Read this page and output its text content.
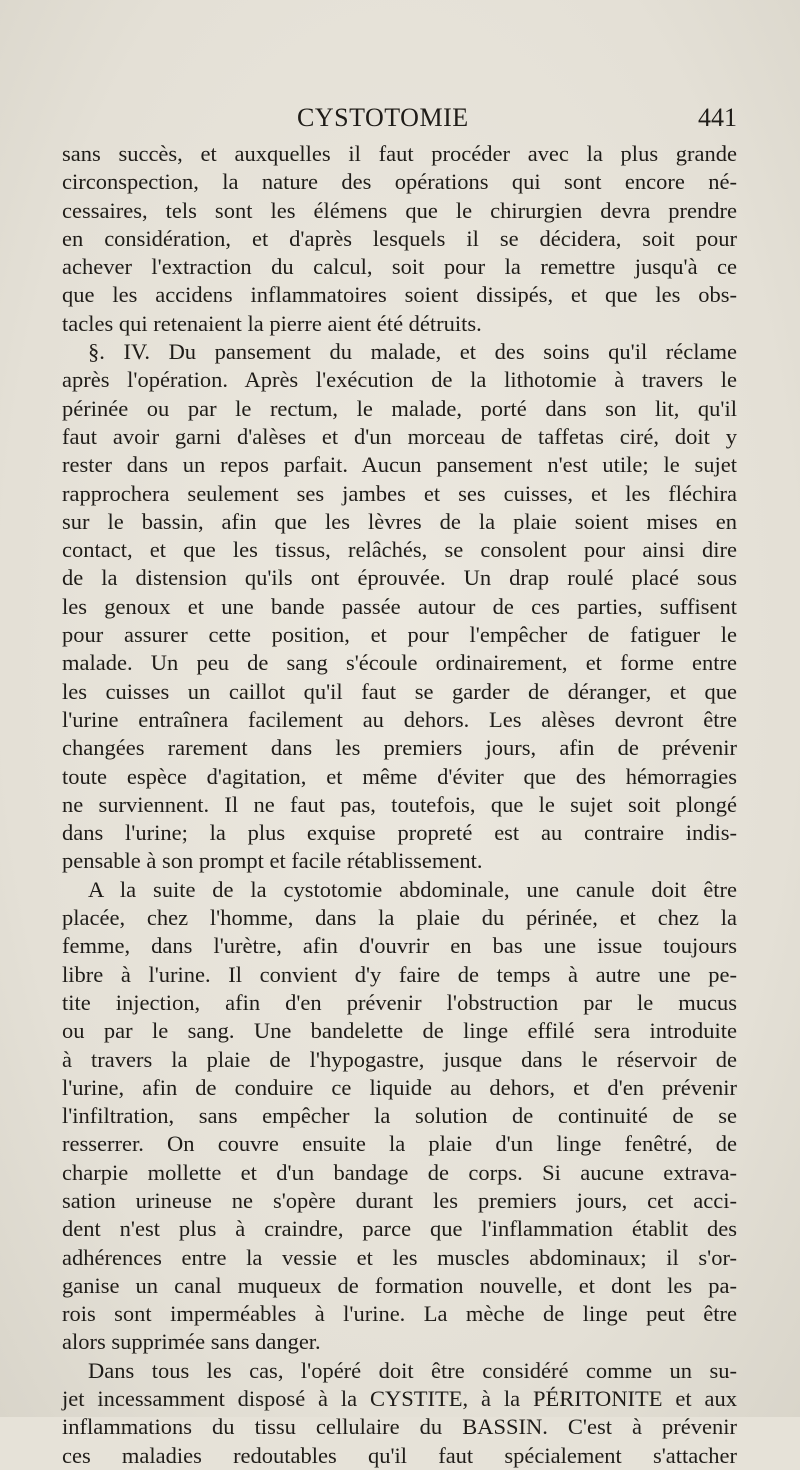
CYSTOTOMIE	441
sans succès, et auxquelles il faut procéder avec la plus grande
circonspection, la nature des opérations qui sont encore né-
cessaires, tels sont les élémens que le chirurgien devra prendre
en considération, et d'après lesquels il se décidera, soit pour
achever l'extraction du calcul, soit pour la remettre jusqu'à ce
que les accidens inflammatoires soient dissipés, et que les obs-
tacles qui retenaient la pierre aient été détruits.
§. IV. Du pansement du malade, et des soins qu'il réclame
après l'opération. Après l'exécution de la lithotomie à travers le
périnée ou par le rectum, le malade, porté dans son lit, qu'il
faut avoir garni d'alèses et d'un morceau de taffetas ciré, doit y
rester dans un repos parfait. Aucun pansement n'est utile; le sujet
rapprochera seulement ses jambes et ses cuisses, et les fléchira
sur le bassin, afin que les lèvres de la plaie soient mises en
contact, et que les tissus, relâchés, se consolent pour ainsi dire
de la distension qu'ils ont éprouvée. Un drap roulé placé sous
les genoux et une bande passée autour de ces parties, suffisent
pour assurer cette position, et pour l'empêcher de fatiguer le
malade. Un peu de sang s'écoule ordinairement, et forme entre
les cuisses un caillot qu'il faut se garder de déranger, et que
l'urine entraînera facilement au dehors. Les alèses devront être
changées rarement dans les premiers jours, afin de prévenir
toute espèce d'agitation, et même d'éviter que des hémorragies
ne surviennent. Il ne faut pas, toutefois, que le sujet soit plongé
dans l'urine; la plus exquise propreté est au contraire indis-
pensable à son prompt et facile rétablissement.
A la suite de la cystotomie abdominale, une canule doit être
placée, chez l'homme, dans la plaie du périnée, et chez la
femme, dans l'urètre, afin d'ouvrir en bas une issue toujours
libre à l'urine. Il convient d'y faire de temps à autre une pe-
tite injection, afin d'en prévenir l'obstruction par le mucus
ou par le sang. Une bandelette de linge effilé sera introduite
à travers la plaie de l'hypogastre, jusque dans le réservoir de
l'urine, afin de conduire ce liquide au dehors, et d'en prévenir
l'infiltration, sans empêcher la solution de continuité de se
resserrer. On couvre ensuite la plaie d'un linge fenêtré, de
charpie mollette et d'un bandage de corps. Si aucune extrava-
sation urineuse ne s'opère durant les premiers jours, cet acci-
dent n'est plus à craindre, parce que l'inflammation établit des
adhérences entre la vessie et les muscles abdominaux; il s'or-
ganise un canal muqueux de formation nouvelle, et dont les pa-
rois sont imperméables à l'urine. La mèche de linge peut être
alors supprimée sans danger.
Dans tous les cas, l'opéré doit être considéré comme un su-
jet incessamment disposé à la CYSTITE, à la PÉRITONITE et aux
inflammations du tissu cellulaire du BASSIN. C'est à prévenir
ces maladies redoutables qu'il faut spécialement s'attacher
